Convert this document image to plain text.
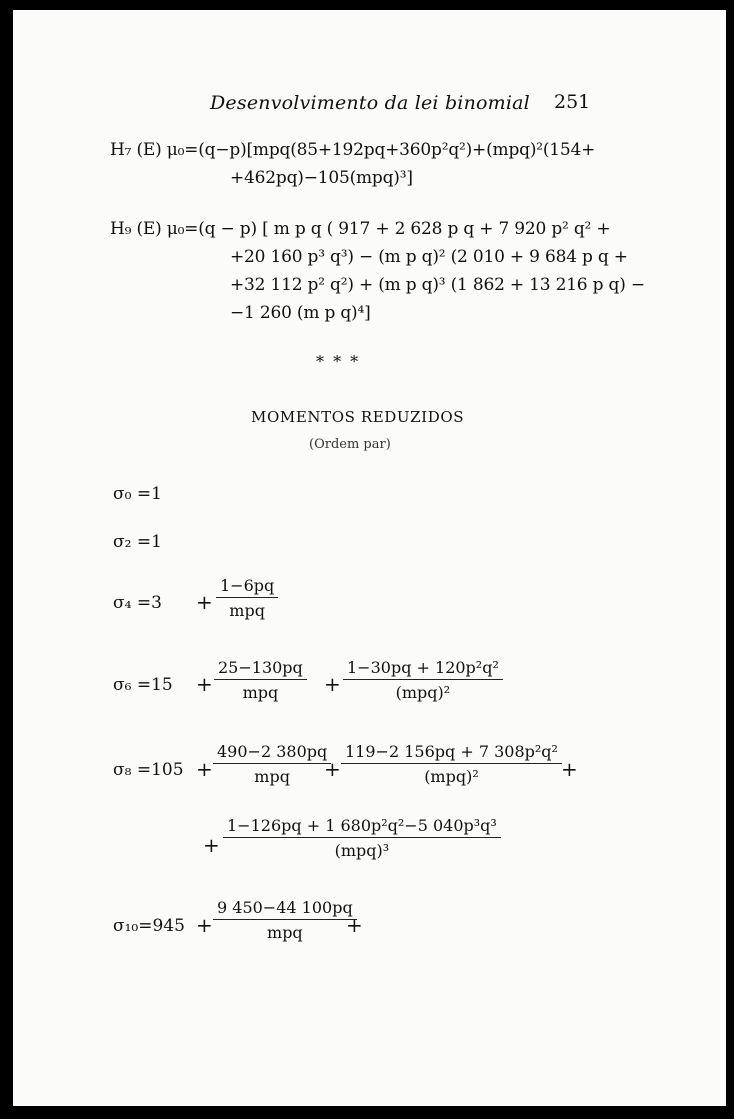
Desenvolvimento da lei binomial 251
H₇ (E) μ₀=(q−p)[mpq(85+192pq+360p²q²)+(mpq)²(154+
+462pq)−105(mpq)³]
H₉ (E) μ₀=(q − p) [ m p q ( 917 + 2 628 p q + 7 920 p² q² +
+20 160 p³ q³) − (m p q)² (2 010 + 9 684 p q +
+32 112 p² q²) + (m p q)³ (1 862 + 13 216 p q) −
−1 260 (m p q)⁴]
* * *
MOMENTOS REDUZIDOS
(Ordem par)
σ₀ =1
σ₂ =1
σ₄ =3 +
1−6pq
mpq
σ₆ =15 +
25−130pq
mpq	+
1−30pq + 120p²q²
(mpq)²
σ₈ =105 +
490−2 380pq
mpq	+
119−2 156pq + 7 308p²q²
(mpq)²	+
+
1−126pq + 1 680p²q²−5 040p³q³
(mpq)³
σ₁₀=945 +
9 450−44 100pq
mpq	+
